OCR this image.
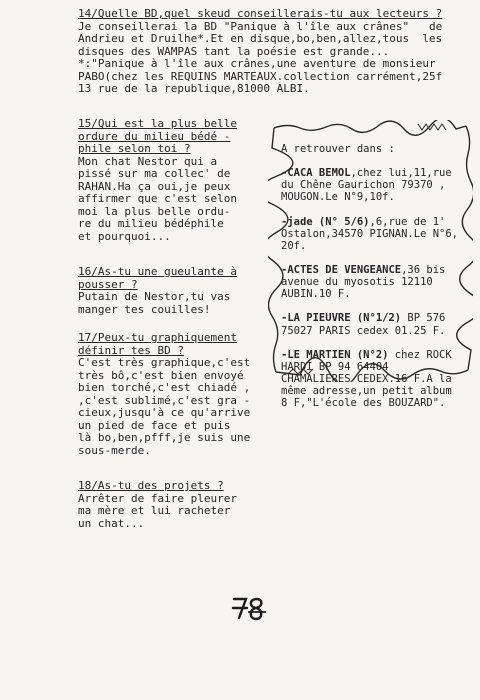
14/Quelle BD,quel skeud conseillerais-tu aux lecteurs ?
Je conseillerai la BD "Panique à l'île aux crânes"   de
Andrieu et Druilhe*.Et en disque,bo,ben,allez,tous  les
disques des WAMPAS tant la poésie est grande...
*:"Panique à l'île aux crânes,une aventure de monsieur
PABO(chez les REQUINS MARTEAUX.collection carrément,25f
13 rue de la republique,81000 ALBI.
15/Qui est la plus belle
ordure du milieu bédé -
phile selon toi ?
Mon chat Nestor qui a
pissé sur ma collec' de
RAHAN.Ha ça oui,je peux
affirmer que c'est selon
moi la plus belle ordu-
re du milieu bédéphile
et pourquoi...
16/As-tu une gueulante à
pousser ?
Putain de Nestor,tu vas
manger tes couilles!
17/Peux-tu graphiquement
définir tes BD ?
C'est très graphique,c'est
très bô,c'est bien envoyé
bien torché,c'est chiadé ,
,c'est sublimé,c'est gra -
cieux,jusqu'à ce qu'arrive
un pied de face et puis
là bo,ben,pfff,je suis une
sous-merde.
18/As-tu des projets ?
Arrêter de faire pleurer
ma mère et lui racheter
un chat...

A retrouver dans :

-CACA BEMOL,chez lui,11,rue
du Chêne Gaurichon 79370 ,
MOUGON.Le N°9,10f.

-jade (N° 5/6),6,rue de 1'
Ostalon,34570 PIGNAN.Le N°6,
20f.

-ACTES DE VENGEANCE,36 bis
avenue du myosotis 12110
AUBIN.10 F.

-LA PIEUVRE (N°1/2) BP 576
75027 PARIS cedex 01.25 F.

-LE MARTIEN (N°2) chez ROCK
HARDI BP 94 64404
CHAMALIERES CEDEX.16 F.A la
même adresse,un petit album
8 F,"L'école des BOUZARD".
